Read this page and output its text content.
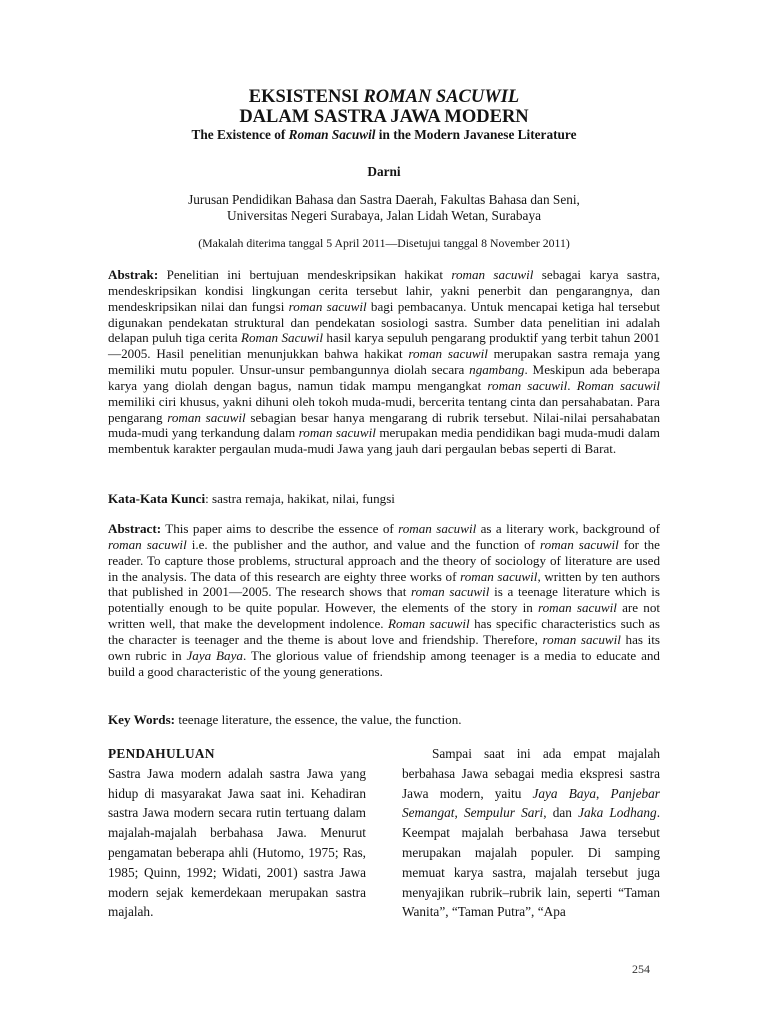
EKSISTENSI ROMAN SACUWIL
DALAM SASTRA JAWA MODERN
The Existence of Roman Sacuwil in the Modern Javanese Literature
Darni
Jurusan Pendidikan Bahasa dan Sastra Daerah, Fakultas Bahasa dan Seni,
Universitas Negeri Surabaya, Jalan Lidah Wetan, Surabaya
(Makalah diterima tanggal 5 April 2011—Disetujui tanggal 8 November 2011)
Abstrak: Penelitian ini bertujuan mendeskripsikan hakikat roman sacuwil sebagai karya sastra, mendeskripsikan kondisi lingkungan cerita tersebut lahir, yakni penerbit dan pengarangnya, dan mendeskripsikan nilai dan fungsi roman sacuwil bagi pembacanya. Untuk mencapai ketiga hal tersebut digunakan pendekatan struktural dan pendekatan sosiologi sastra. Sumber data penelitian ini adalah delapan puluh tiga cerita Roman Sacuwil hasil karya sepuluh pengarang produktif yang terbit tahun 2001—2005. Hasil penelitian menunjukkan bahwa hakikat roman sacuwil merupakan sastra remaja yang memiliki mutu populer. Unsur-unsur pembangunnya diolah secara ngambang. Meskipun ada beberapa karya yang diolah dengan bagus, namun tidak mampu mengangkat roman sacuwil. Roman sacuwil memiliki ciri khusus, yakni dihuni oleh tokoh muda-mudi, bercerita tentang cinta dan persahabatan. Para pengarang roman sacuwil sebagian besar hanya mengarang di rubrik tersebut. Nilai-nilai persahabatan muda-mudi yang terkandung dalam roman sacuwil merupakan media pendidikan bagi muda-mudi dalam membentuk karakter pergaulan muda-mudi Jawa yang jauh dari pergaulan bebas seperti di Barat.
Kata-Kata Kunci: sastra remaja, hakikat, nilai, fungsi
Abstract: This paper aims to describe the essence of roman sacuwil as a literary work, background of roman sacuwil i.e. the publisher and the author, and value and the function of roman sacuwil for the reader. To capture those problems, structural approach and the theory of sociology of literature are used in the analysis. The data of this research are eighty three works of roman sacuwil, written by ten authors that published in 2001—2005. The research shows that roman sacuwil is a teenage literature which is potentially enough to be quite popular. However, the elements of the story in roman sacuwil are not written well, that make the development indolence. Roman sacuwil has specific characteristics such as the character is teenager and the theme is about love and friendship. Therefore, roman sacuwil has its own rubric in Jaya Baya. The glorious value of friendship among teenager is a media to educate and build a good characteristic of the young generations.
Key Words: teenage literature, the essence, the value, the function.
PENDAHULUAN
Sastra Jawa modern adalah sastra Jawa yang hidup di masyarakat Jawa saat ini. Kehadiran sastra Jawa modern secara rutin tertuang dalam majalah-majalah berbahasa Jawa. Menurut pengamatan beberapa ahli (Hutomo, 1975; Ras, 1985; Quinn, 1992; Widati, 2001) sastra Jawa modern sejak kemerdekaan merupakan sastra majalah.
Sampai saat ini ada empat majalah berbahasa Jawa sebagai media ekspresi sastra Jawa modern, yaitu Jaya Baya, Panjebar Semangat, Sempulur Sari, dan Jaka Lodhang. Keempat majalah berbahasa Jawa tersebut merupakan majalah populer. Di samping memuat karya sastra, majalah tersebut juga menyajikan rubrik–rubrik lain, seperti “Taman Wanita”, “Taman Putra”, “Apa
254
